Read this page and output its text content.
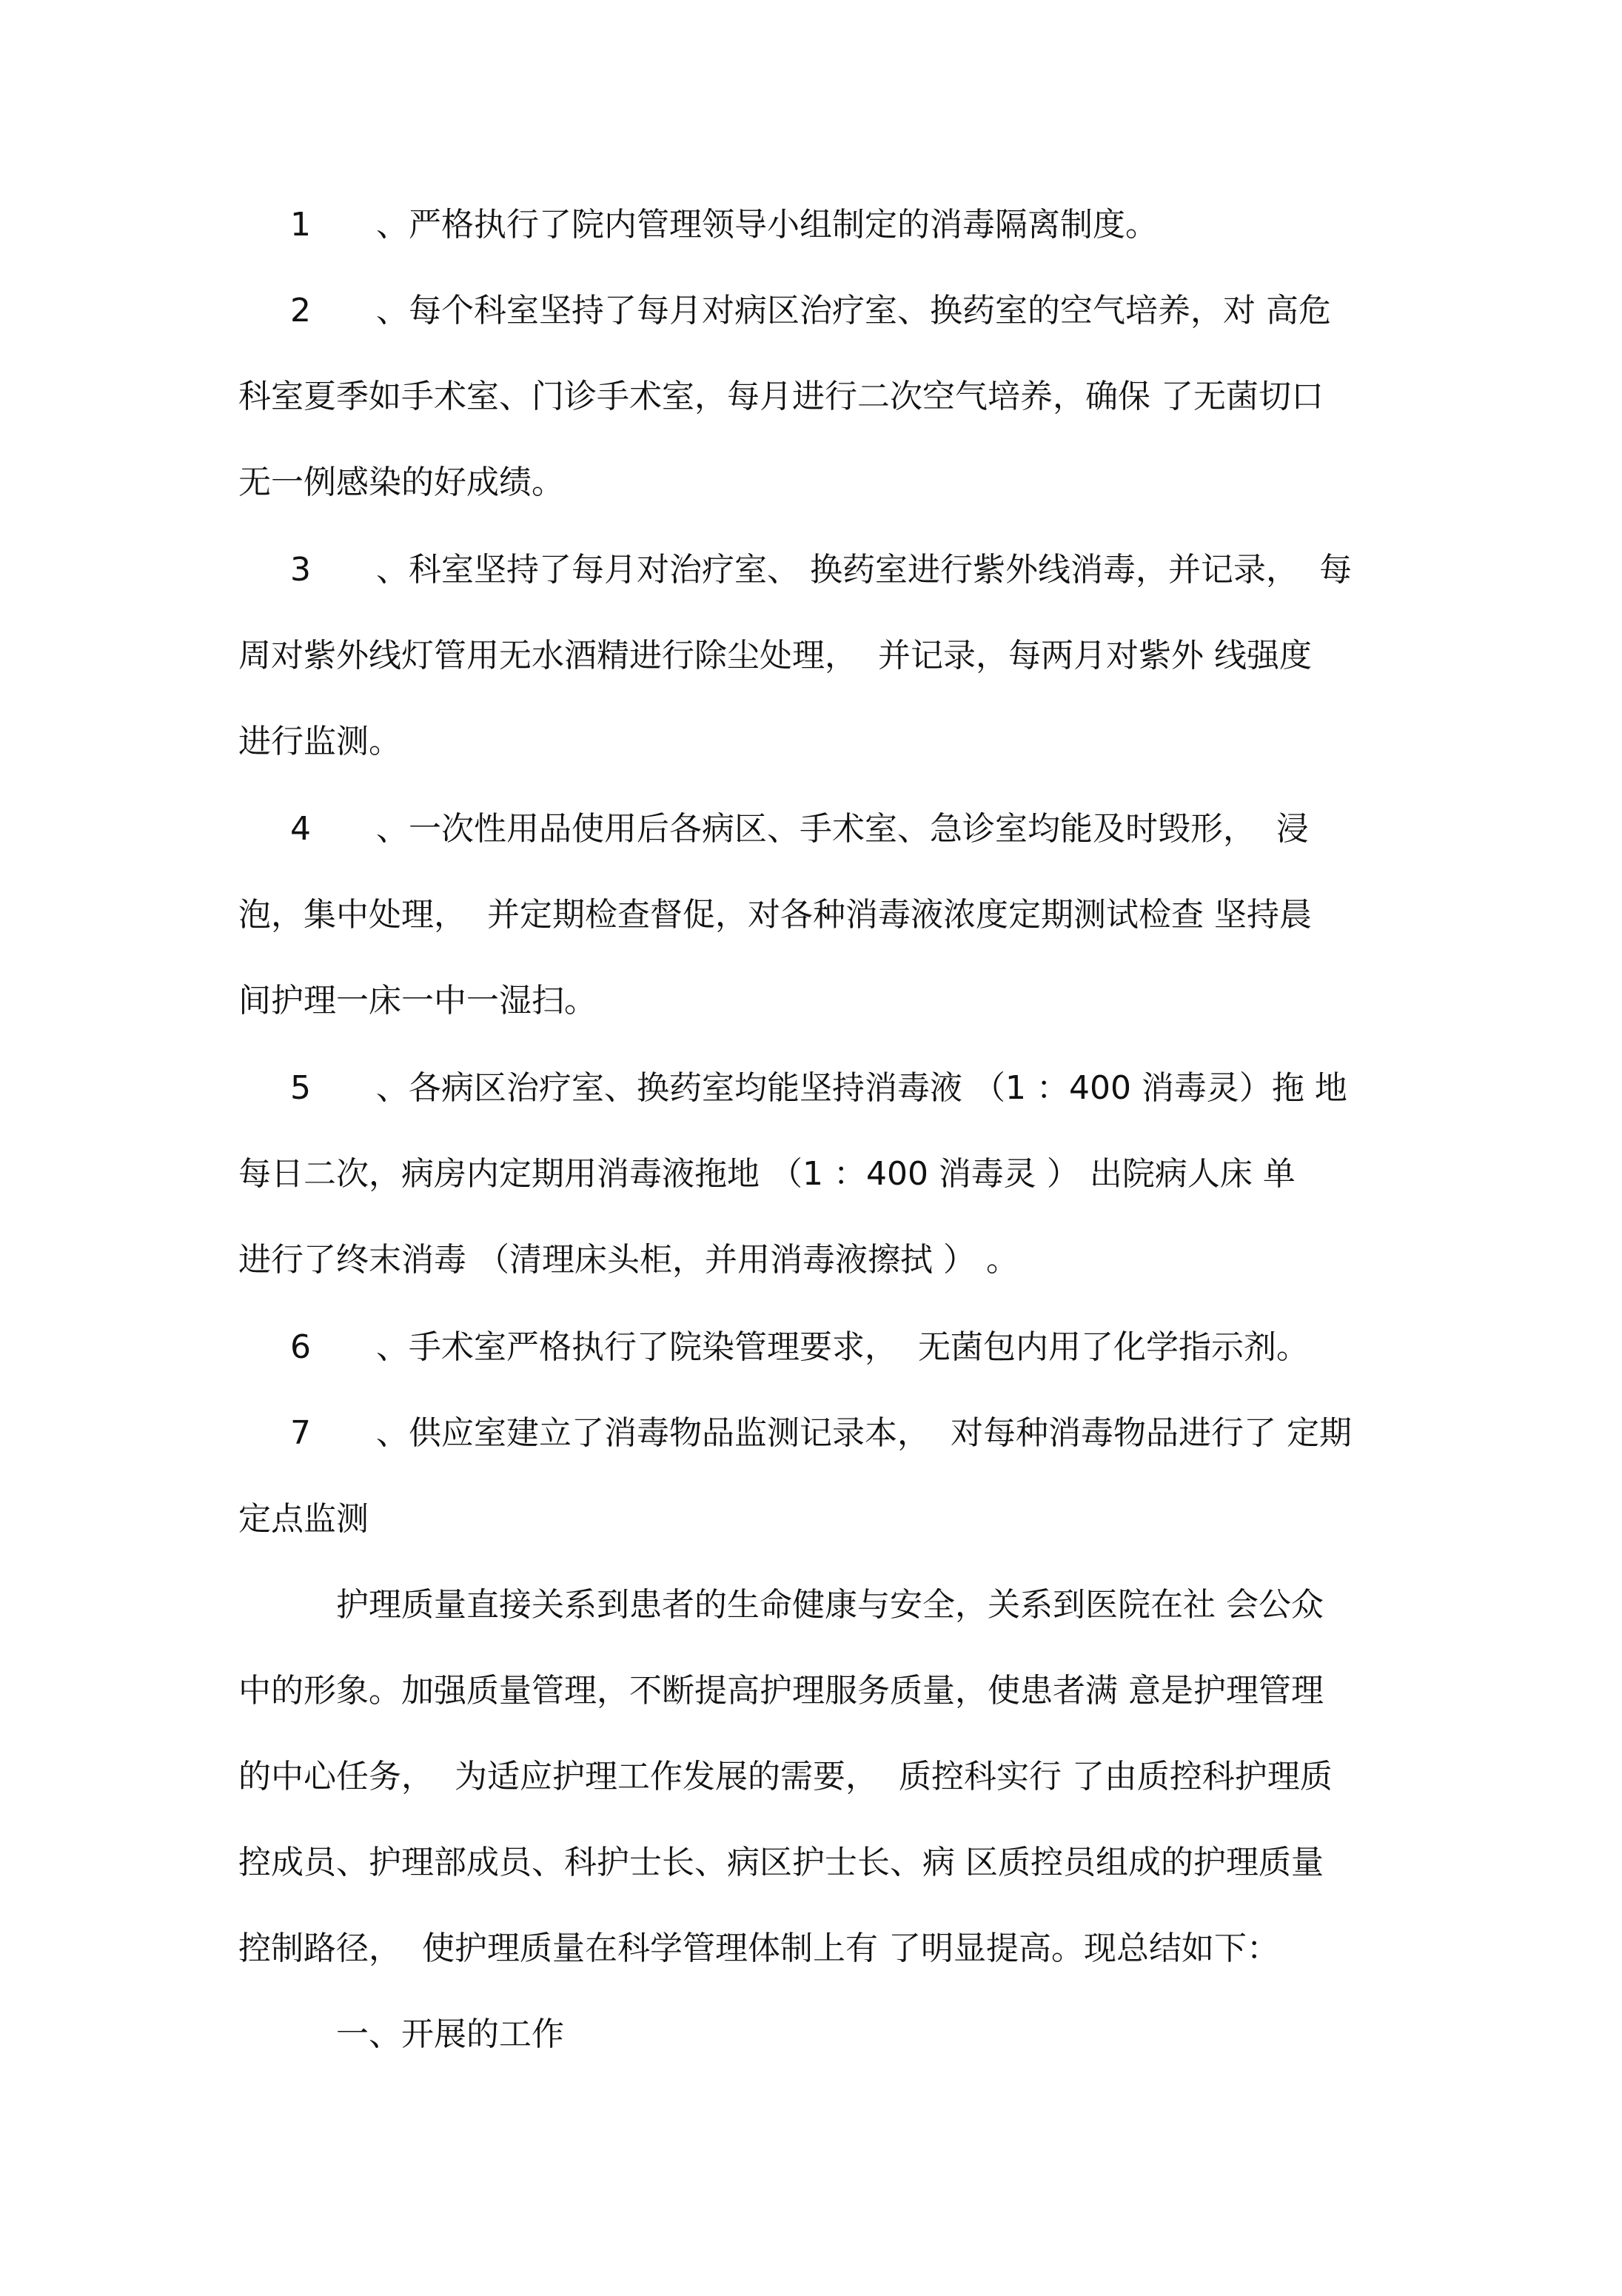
1 、严格执行了院内管理领导小组制定的消毒隔离制度。
2 、每个科室坚持了每月对病区治疗室、换药室的空气培养，对 高危
科室夏季如手术室、门诊手术室，每月进行二次空气培养，确保 了无菌切口
无一例感染的好成绩。
3 、科室坚持了每月对治疗室、 换药室进行紫外线消毒，并记录，  每
周对紫外线灯管用无水酒精进行除尘处理，  并记录，每两月对紫外 线强度
进行监测。
4 、一次性用品使用后各病区、手术室、急诊室均能及时毁形，  浸
泡，集中处理，  并定期检查督促，对各种消毒液浓度定期测试检查 坚持晨
间护理一床一中一湿扫。
5 、各病区治疗室、换药室均能坚持消毒液 （1 ：400 消毒灵）拖 地
每日二次，病房内定期用消毒液拖地 （1 ：400 消毒灵 ） 出院病人床 单
进行了终末消毒 （清理床头柜，并用消毒液擦拭 ） 。
6 、手术室严格执行了院染管理要求，  无菌包内用了化学指示剂。
7 、供应室建立了消毒物品监测记录本，  对每种消毒物品进行了 定期
定点监测
护理质量直接关系到患者的生命健康与安全，关系到医院在社 会公众
中的形象。加强质量管理，不断提高护理服务质量，使患者满 意是护理管理
的中心任务，  为适应护理工作发展的需要，  质控科实行 了由质控科护理质
控成员、护理部成员、科护士长、病区护士长、病 区质控员组成的护理质量
控制路径，  使护理质量在科学管理体制上有 了明显提高。现总结如下：
一、开展的工作
